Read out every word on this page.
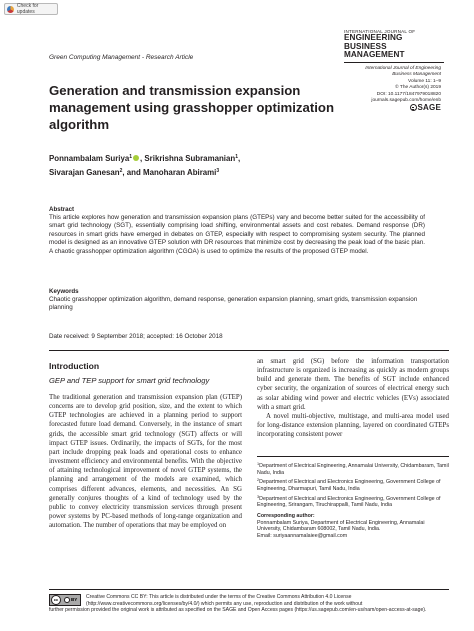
Check for updates
Green Computing Management - Research Article
INTERNATIONAL JOURNAL OF
ENGINEERING BUSINESS
MANAGEMENT
International Journal of Engineering
Business Management
Volume 11: 1–9
© The Author(s) 2019
DOI: 10.1177/1847979018820
journals.sagepub.com/home/enb
SAGE
Generation and transmission expansion management using grasshopper optimization algorithm
Ponnambalam Suriya$^1$ , Srikrishna Subramanian$^1$,
Sivarajan Ganesan$^2$, and Manoharan Abirami$^3$
Abstract
This article explores how generation and transmission expansion plans (GTEPs) vary and become better suited for the accessibility of smart grid technology (SGT), essentially comprising load shifting, environmental assets and cost rebates. Demand response (DR) resources in smart grids have emerged in debates on GTEP, especially with respect to compromising system security. The planned model is designed as an innovative GTEP solution with DR resources that minimize cost by decreasing the peak load of the basic plan. A chaotic grasshopper optimization algorithm (CGOA) is used to optimize the results of the proposed GTEP model.
Keywords
Chaotic grasshopper optimization algorithm, demand response, generation expansion planning, smart grids, transmission expansion planning
Date received: 9 September 2018; accepted: 16 October 2018
Introduction
GEP and TEP support for smart grid technology

The traditional generation and transmission expansion plan (GTEP) concerns are to develop grid position, size, and the extent to which GTEP technologies are achieved in a planning period to support forecasted future load demand. Conversely, in the instance of smart grids, the accessible smart grid technology (SGT) affects or will impact GTEP issues. Ordinarily, the impacts of SGTs, for the most part include dropping peak loads and operational costs to enhance investment efficiency and environmental benefits. With the objective of attaining technological improvement of novel GTEP systems, the planning and arrangement of the models are examined, which comprises different advances, elements, and necessities. An SG generally conjures thoughts of a kind of technology used by the public to convey electricity transmission services through present power systems by PC-based methods of long-range organization and automation. The number of operations that may be employed on

an smart grid (SG) before the information transportation infrastructure is organized is increasing as quickly as modern groups build and generate them. The benefits of SGT include enhanced cyber security, the organization of sources of electrical energy such as solar abiding wind power and electric vehicles (EVs) associated with a smart grid.

A novel multi-objective, multistage, and multi-area model used for long-distance extension planning, layered on coordinated GTEPs incorporating consistent power

$^1$Department of Electrical Engineering, Annamalai University, Chidambaram, Tamil Nadu, India
$^2$Department of Electrical and Electronics Engineering, Government College of Engineering, Dharmapuri, Tamil Nadu, India
$^3$Department of Electrical and Electronics Engineering, Government College of Engineering, Srirangam, Tiruchirappalli, Tamil Nadu, India
Corresponding author:
Ponnambalam Suriya, Department of Electrical Engineering, Annamalai University, Chidambaram 608002, Tamil Nadu, India.
Email: suriyaannamalaiee@gmail.com
cc	BY Creative Commons CC BY: This article is distributed under the terms of the Creative Commons Attribution 4.0 License (http://www.creativecommons.org/licenses/by/4.0/) which permits any use, reproduction and distribution of the work without
further permission provided the original work is attributed as specified on the SAGE and Open Access pages (https://us.sagepub.com/en-us/nam/open-access-at-sage).
